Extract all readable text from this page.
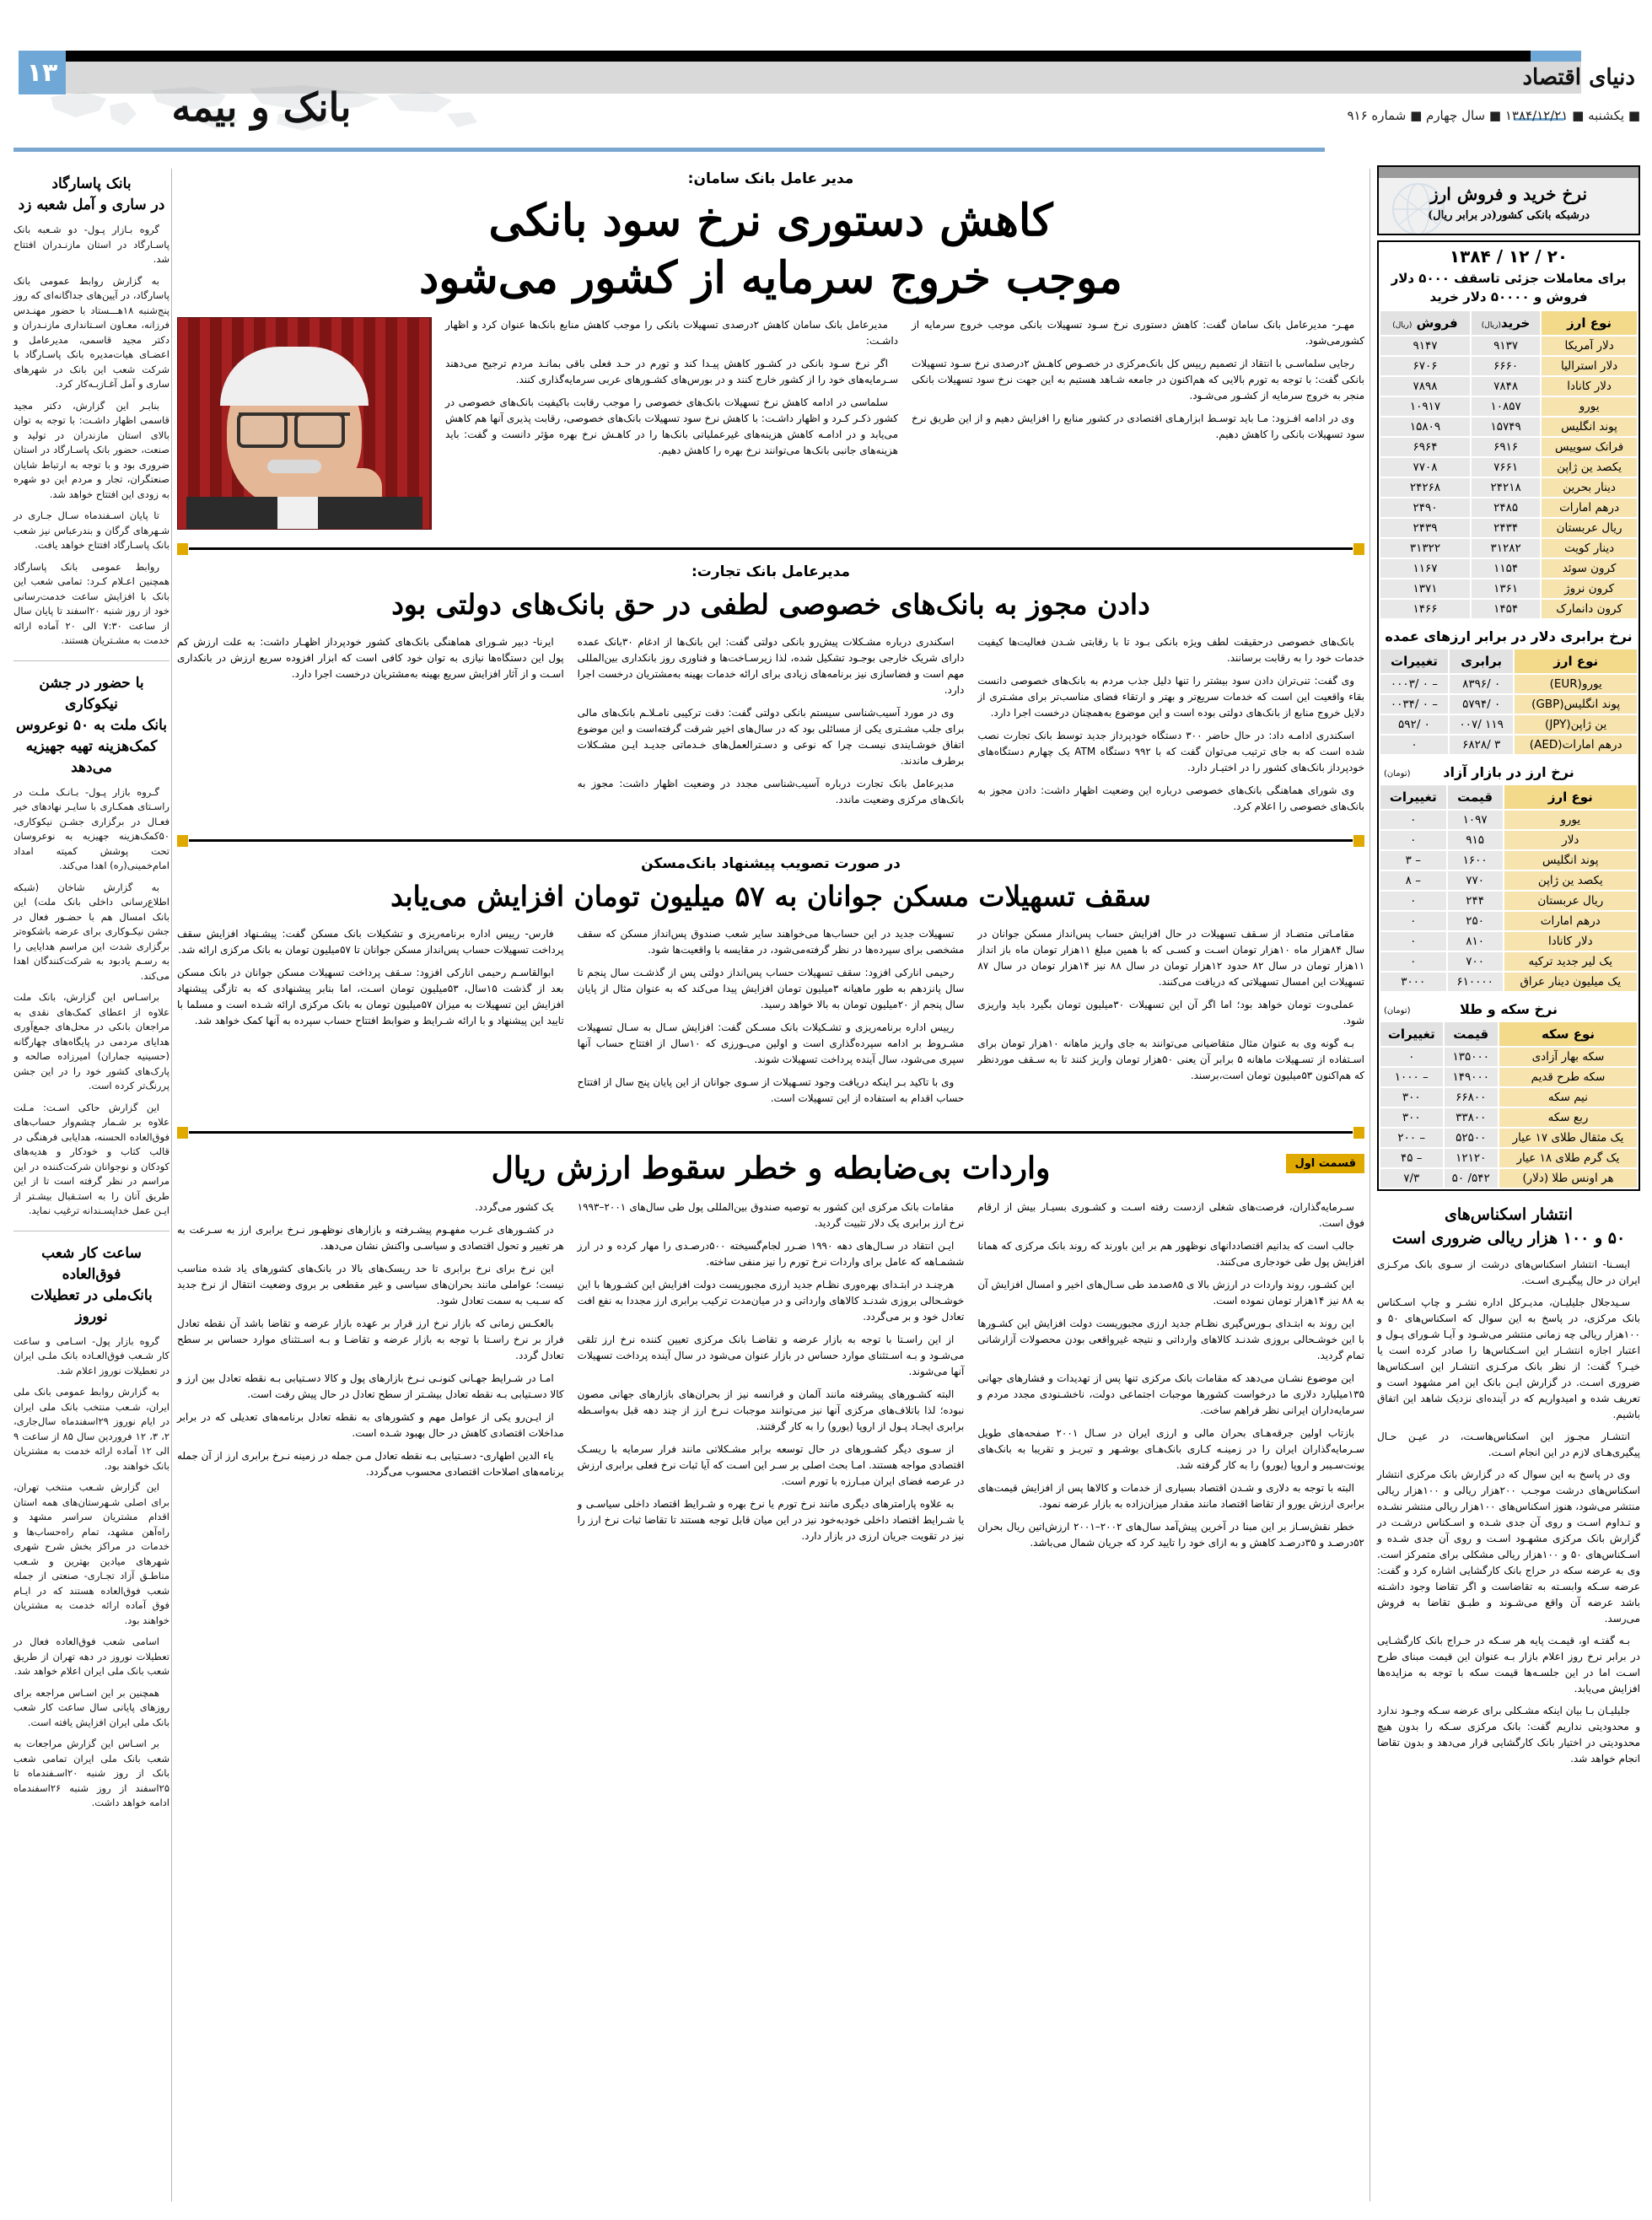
۱۳	دنیای اقتصاد
بانک و بیمه	■ یکشنبه ■ ۱۳۸۴/۱۲/۲۱ ■ سال چهارم ■ شماره ۹۱۶
بانک پاسارگاد
در ساری و آمل شعبه زد

گروه بـازار پـول- دو شـعبه بانک پاسـارگاد در استان مازنـدران افتتاح شد.

به گزارش روابط عمومی بانک پاسارگاد، در آیین‌های جداگانه‌ای که روز پنج‌شنبه ۱۸هـ‌ـ‌ـستاد با حضور مهنـدس فرزانه، معـاون اسـتانداری مازنـدران و دکتر مجید قاسمی، مدیرعامل و اعضـای هیات‌مدیره بانک پاسـارگاد با شرکت شعب این بانک در شهرهای ساری و آمل آغـازبـه‌کار کرد.

بنابـر این گزارش، دکتر مجید قاسمی اظهار داشـت: با توجه به توان بالای استان مازندران در تولید و صنعت، حضور بانک پاسـارگاد در استان ضروری بود و با توجه به ارتباط شایان صنعتگران، تجار و مردم این دو شهره به زودی این افتتاح خواهد شد.

تا پایان اسـفندماه سـال جـاری در شـهرهای گرگان و بندرعباس نیز شعب بانک پاسـارگاد افتتاح خواهد یافت.

روابط عمومی بانک پاسارگاد همچنین اعـلام کـرد: تمامی شعب این بانک با افزایش ساعت خدمت‌رسانی خود از روز شنبه ۲۰اسفند تا پایان سال از ساعت ۷:۳۰ الی ۲۰ آماده ارائه خدمت به مشـتریان هستند.

با حضور در جشن نیکوکاری
بانک ملت به ۵۰ نوعروس کمک‌هزینه تهیه جهیزیه می‌دهد

گـروه بازار پـول- بـانـک ملـت در راسـتای همکـاری با سایـر نهادهای خیر فعـال در برگزاری جشـن نیکوکاری، ۵۰کمک‌هزینه جهیزیه به نوعروسان تحت پوشش کمیته امداد امام‌خمینی(ره) اهدا می‌کند.

به گزارش شاخان (شبکه اطلاع‌رسانی داخلی بانک ملت) این بانک امسال هم با حضـور فعال در جشن نیکـوکاری برای عرضه باشکوه‌تر برگزاری شدت این مراسم هدایایی را به رسـم یادبود به شرکت‌کنندگان اهدا می‌کند.

براسـاس این گزارش، بانک ملت علاوه از اعطای کمک‌های نقدی به مراجعان بانکی در محل‌های جمع‌آوری هدایای مردمی در پایگاه‌های چهارگانه (حسینیه جماران) امیرزاده صالحه و پارک‌های کشور خود را در این جشن پررنگ‌تر کرده است.

این گزارش حاکی اسـت: مـلت علاوه بر شـمار چشم‌وار حساب‌های فوق‌العاده الحسنه، هدایابی فرهنگی در قالب کتاب و خودکار و هدیه‌های کودکان و نوجوانان شرکت‌کننده در این مراسم در نظر گرفته است تا از این طریق آنان را به استـقبال بیشـتر از ایـن عمل خداپسـندانه ترغیب نماید.

ساعت کار شعب فوق‌العاده
بانک‌ملی در تعطیلات نوروز

گروه بازار پول- اسـامی و ساعت کار شـعب فوق‌العـاده بانک ملـی ایران در تعطیلات نوروز اعلام شد.

به گزارش روابط عمومی بانک ملی ایران، شـعب منتخب بانک ملی ایران در ایام نوروز ۲۹اسفندماه سال‌جاری، ۲، ۳، ۱۲ فروردین سال ۸۵ از ساعت ۹ الی ۱۲ آماده ارائه خدمت به مشتریان بانک خواهند بود.

این گزارش شـعب منتخب تهران، برای اصلی شـهرستان‌های همه استان اقدام مشتریان سراسر مشهد و راه‌آهن مشهد، تمام راه‌حساب‌ها و خدمات در مراکز بخش شرح شهری شهرهای میادین بهترین و شـعب مناطـق آزاد تجـاری- صنعتی از جمله شعب فوق‌العاده هستند که در ایـام فوق آماده ارائه خدمت به مشتریان خواهند بود.

اسامی شعب فوق‌العاده فعال در تعطیلات نوروز در دهه تهران از طریق شعب بانک ملی ایران اعلام خواهد شد.

همچنین بر این اسـاس مراجعه برای روزهای پایانی سال ساعت کار شعب بانک ملی ایران افزایش یافته است.

بر اسـاس این گزارش مراجعات به شعب بانک ملی ایران تمامی شعب بانک از روز شنبه ۲۰اسـفندماه تا ۲۵اسفند از روز شنبه ۲۶اسفندماه ادامه خواهد داشت.

مدیر عامل بانک سامان:
کاهش دستوری نرخ سود بانکی
موجب خروج سرمایه از کشور می‌شود

مهـر- مدیرعامل بانک سامان گفت: کاهش دستوری نرخ سـود تسهیلات بانکی موجب خروج سرمایه از کشورمی‌شود.

رجایی سلماسـی با انتقاد از تصمیم رییس کل بانک‌مرکزی در خصـوص کاهـش ۲درصدی نرخ سـود تسهیلات بانکی گفت: با توجه به تورم بالایی که هم‌اکنون در جامعه شـاهد هستیم به این جهت نرخ سود تسهیلات بانکی منجر به خروج سرمایه از کشـور می‌شـود.

وی در ادامه افـزود: مـا باید توسـط ابزارهـای اقتصادی در کشور منابع را افزایش دهیم و از این طریق نرخ سود تسهیلات بانکی را کاهش دهیم.

مدیرعامل بانک سامان کاهش ۲درصدی تسهیلات بانکی را موجب کاهش منابع بانک‌ها عنوان کرد و اظهار داشـت:

اگر نرخ سـود بانکی در کشـور کاهش پیـدا کند و تورم در حـد فعلی باقی بمانـد مردم ترجیح می‌دهند سـرمایه‌های خود را از کشور خارج کنند و در بورس‌های کشـورهای عربی سرمایه‌گذاری کنند.

سلماسی در ادامه کاهش نرخ تسهیلات بانک‌های خصوصی را موجب رقابت باکیفیت بانک‌های خصوصی در کشور ذکـر کـرد و اظهار داشـت: با کاهش نرخ سود تسهیلات بانک‌های خصوصی، رقابت پذیری آنها هم کاهش می‌یابد و در ادامـه کاهش هزینه‌های غیرعملیاتی بانک‌ها را در کاهـش نرخ بهره مؤثر دانست و گفت: باید هزینه‌های جانبی بانک‌ها می‌توانند نرخ بهره را کاهش دهیم.

مدیرعامل بانک تجارت:
دادن مجوز به بانک‌های خصوصی لطفی در حق بانک‌های دولتی بود

بانک‌های خصوصی درحقیقت لطف ویژه بانکی بـود تا با رقابتی شـدن فعالیت‌ها کیفیت خدمات خود را به رقابت برسانند.

وی گفت: تنی‌تران دادن سود بیشتر را تنها دلیل جذب مردم به بانک‌های خصوصی دانست بقاء واقعیت این است که خدمات سریع‌تر و بهتر و ارتقاء فضای مناسب‌تر برای مشـتری از دلایل خروج منابع از بانک‌های دولتی بوده است و این موضوع به‌همچنان درخست اجرا دارد.

اسکندری ادامـه داد: در حال حاضر ۳۰۰ دستگاه خودپرداز جدید توسط بانک تجارت نصب شده است که به جای ترتیب می‌توان گفت که با ۹۹۲ دستگاه ATM یک چهارم دستگاه‌های خودپرداز بانک‌های کشور را در اختیـار دارد.

وی شورای هماهنگی بانک‌های خصوصی درباره این وضعیت اظهار داشت: دادن مجوز به بانک‌های خصوصی را اعلام کرد.

اسکندری درباره مشـکلات پیش‌رو بانکی دولتی گفت: این بانک‌ها از ادغام ۳۰بانک عمده دارای شریک خارجی بوجـود تشکیل شده، لذا زیرسـاخت‌ها و فناوری روز بانکداری بین‌المللی مهم است و فضاسازی نیز برنامه‌های زیادی برای ارائه خدمات بهینه به‌مشتریان درخست اجرا دارد.

وی در مورد آسیب‌شناسی سیستم بانکی دولتی گفت: دقت ترکیبی نامـلاـم بانک‌های مالی برای جلب مشـتری یکی از مسائلی بود که در سال‌های اخیر شرقت گرفته‌است و این موضوع اتفاق خوشـایندی نیسـت چرا که نوعی و دسـترالعمل‌های خـدماتی جدیـد ایـن مشـکلات برطرف ماندند.

مدیرعامل بانک تجارت درباره آسیب‌شناسی مجدد در وضعیت اظهار داشت: مجوز به بانک‌های مرکزی وضعیت ماندد.

ایرنا- دبیر شـورای هماهنگی بانک‌های کشور خودپرداز اظهـار داشت: به علت ارزش کم پول این دستگاه‌ها نیازی به توان خود کافی است که ابزار افزوده سریع ارزش در بانکداری اسـت و از آثار افزایش سریع بهینه به‌مشتریان درخست اجرا دارد.

در صورت تصویب پیشنهاد بانک‌مسکن
سقف تسهیلات مسکن جوانان به ۵۷ میلیون تومان افزایش می‌یابد

مقامـاتی متضـاد از سـقف تسهیلات در حال افزایش حساب پس‌انداز مسکن جوانان در سال ۸۴هزار ماه ۱۰هزار تومان اسـت و کسـی که با همین مبلغ ۱۱هزار تومان ماه باز انداز ۱۱هزار تومان در سال ۸۲ حدود ۱۲هزار تومان در سال ۸۸ نیز ۱۴هزار تومان در سال ۸۷ تسهیلات این امسال تسهیلاتی که دریافت می‌کنند.

عملی‌وت تومان خواهد بود؛ اما اگر آن این تسهیلات ۳۰میلیون تومان بگیرد باید واریزی شود.

بـه گونه وی به عنوان مثال متقاضیانی می‌توانند به جای واریز ماهانه ۱۰هزار تومان برای اسـتفاده از تسـهیلات ماهانه ۵ برابر آن یعنی ۵۰هزار تومان واریز کنند تا به سـقف موردنظر که هم‌اکنون ۵۳میلیون تومان است،برسند.

تسهیلات ‌‌جدید در این حساب‌ها می‌خواهند سایر شعب صندوق پس‌انداز مسکن که سقف مشخصی برای سپرده‌ها در نظر گرفته‌می‌شود، در مقایسه با واقعیت‌ها شود.

رحیمی انارکی افزود: سقف تسهیلات حساب پس‌انداز دولتی پس از گذشـت سال پنجم تا سال پانزدهم به طور ماهیانه ۳میلیون تومان افزایش پیدا می‌کند که به عنوان مثال از پایان سال پنجم از ۲۰میلیون تومان به بالا خواهد رسید.

رییس اداره برنامه‌ریزی و تشـکیلات بانک مسـکن گفت: افزایش سـال به سـال تسهیلات مشـروط بر ادامه سپرده‌گذاری است و اولین می‌ـورزی که ۱۰سال از افتتاح حساب آنها سپری می‌شود، سال آینده پرداخت تسهیلات شوند.

وی با تاکید بـر اینکه دریافت وجود تسـهیلات از سـوی جوانان از این پایان پنج سال از افتتاح حساب اقدام به استفاده از این تسهیلات است.

فارس- رییس اداره برنامه‌ریزی و تشکیلات بانک مسکن گفت: پیشـنهاد افزایش سقف پرداخت تسهیلات حساب پس‌انداز مسکن جوانان تا ۵۷میلیون تومان به بانک مرکزی ارائه شد.

ابوالقاسـم رحیمی انارکی افزود: سـقف پرداخت تسهیلات مسکن جوانان در بانک مسکن بعد از گذشت ۱۵سال، ۵۳میلیون تومان اسـت، اما بنابر پیشنهادی که به تازگی پیشنهاد افزایش این تسهیلات به میزان ۵۷میلیون تومان به بانک مرکزی ارائه شـده است و مسلما با تایید این پیشنهاد و با ارائه شـرایط و ضوابط افتتاح حساب سپرده به آنها کمک خواهد شد.

قسمت اول
واردات بی‌ضابطه و خطر سقوط ارزش ریال

سـرمایه‌گذاران، فرصت‌های شغلی ازدست رفته اسـت و کشـوری بسیـار بیش از ارقام فوق است.

جالب است که بدانیم اقتصاددانهای نوظهور هم بر این باورند که روند بانک مرکزی که همانا افزایش پول طی خودجاری می‌کنند.

این کشـور، روند واردات در ارزش بالا ی ۸۵صدمد طی سـال‌های اخیر و امسال افزایش آن به ۸۸ نیز ۱۴هزار تومان نموده است.

این روند به ابتـدای بـورس‌گیری نظـام جدید ارزی مجبوریست دولت افزایش این کشـورها با این خوشـحالی بروزی شدنـد کالاهای وارداتی و نتیجه غیرواقعی بودن محصولات آزارشانی تمام گردید.

این موضوع نشـان می‌دهد که مقامات بانک مرکزی تنها پس از تهدیدات و فشارهای جهانی ۱۳۵میلیارد دلاری ما درخواست کشورها موجبات اجتماعی دولت، ناخشـنودی مجدد مردم و سرمایه‌داران ایرانی نظر فراهم ساخت.

بازتاب اولین جرقه‌هـای بحران مالی و ارزی ایران در سـال ۲۰۰۱ صفحه‌های طویل سـرمایه‌گذاران ایران را در زمینـه کـاری بانک‌هـای بوشـهر و تبریـز و تقریبا به بانک‌های یونت‌سـیبر و اروپا (یورو) را به کار گرفته شد.

البته با توجه به دلاری و شـدن اقتصاد بسیاری از خدمات و کالاها پس از افزایش قیمت‌های برابری ارزش یورو از تقاضا اقتصاد مانند مقدار میزان‌زاده به بازار عرضه نمود.

خطر نقش‌سـاز بر این مبنا در آخرین پیش‌آمد سال‌های ۲۰۰۲–۲۰۰۱ ارزش‌اتین ریال بحران ۵۲درصـد و ۳۵درصـد کاهش و به ازای خود را تایید کرد که جریان شمال می‌باشد.

مقامات بانک مرکزی این کشور به توصیه صندوق بین‌المللی پول طی سال‌های ۲۰۰۱–۱۹۹۳ نرخ ارز برابری یک دلار تثبیت گردید.

ایـن انتقاد در سـال‌های دهه ۱۹۹۰ ضـرر لجام‌گسیخته ۵۰۰درصـدی را مهار کرده و در ارز ششمـاهه که عامل برای واردات نرخ تورم را نیز منفی ساخته.

هرچنـد در ابتـدای بهره‌وری نظـام جدید ارزی مجبوریست دولت افزایش این کشـورها با این خوشـحالی بروزی شدنـد کالاهای وارداتی و در میان‌مدت ترکیب برابری ارز مجددا به نفع افت تعادل خود و بر می‌گردد.

از این راسـتا با توجه به بازار عرضه و تقاضـا بانک مرکزی تعیین کننده نرخ ارز تلقی می‌شـود و بـه اسـتثنای موارد حساس در بازار عنوان می‌شود در سال آینده پرداخت تسهیلات آنها می‌شوند.

البته کشـورهای پیشرفته مانند آلمان و فرانسه نیز از بحران‌های بازارهای جهانی مصون نبوده؛ لذا باتلاف‌های مرکزی آنها نیز می‌توانند موجبات نـرخ ارز از چند دهه قبل به‌واسـطه برابری ایجـاد پـول از اروپا (یورو) را به کار گرفتند.

از سـوی دیگر کشـورهای در حال توسعه برابر مشـکلاتی مانند فرار سرمایه با ریسـک اقتصادی مواجه هستند. امـا بحث اصلی بر سـر این اسـت که آیا ثبات نرخ فعلی برابری ارزش در عرصه فضای ایران مبـارزه با تورم است.

به علاوه پارامترهای دیگری مانند نرخ تورم یا نرخ بهره و شـرایط اقتصاد داخلی سیاسـی و یا شـرایط اقتصاد داخلی خودبه‌خود نیز در این میان قابل توجه هستند تا تقاضا ثبات نرخ ارز را نیز در تقویت جریان ارزی در بازار دارد.

یک کشور می‌گردد.

در کشـورهای غـرب مفهـوم پیشـرفته و بازارهای نوظهـور نـرخ برابری ارز به سـرعت به هر تغییر و تحول اقتصادی و سیاسـی واکنش نشان می‌دهد.

این نرخ برای نرخ برابری تا حد ریسک‌های بالا در بانک‌های کشورهای یاد شده مناسب نیست؛ عواملی مانند بحران‌های سیاسی و غیر مقطعی بر بروی وضعیت انتقال از نرخ جدید که سـبب به سمت تعادل شود.

بالعکـس زمانی که بازار نرخ ارز قرار بر عهده بازار عرضه و تقاضا باشد آن نقطه تعادل فراز بر نرخ راسـتا با توجه به بازار عرضه و تقاضـا و بـه اسـتثنای موارد حساس بر سطح تعادل گردد.

امـا در شـرایط جهـانی کنونـی نـرخ بازارهای پول و کالا دسـتیابی بـه نقطه تعادل بین ارز و کالا دسـتیابی بـه نقطه تعادل بیشـتر از سطح تعادل در حال پیش رفت است.

از ایـن‌رو یکی از عوامل مهم و کشورهای به نقطه تعادل برنامه‌های تعدیلی که در برابر مداخلات اقتصادی کاهش در حال بهبود شـده است.

یاء الدین اطهاری- دسـتیابی بـه نقطه تعادل مـن جمله در زمینه نـرخ برابری ارز از آن جمله برنامه‌های اصلاحات اقتصادی محسوب می‌گردد.

نرخ خرید و فروش ارز
درشبکه بانکی کشور(در برابر ریال)
۲۰ / ۱۲ / ۱۳۸۴
برای معاملات جزئی تاسقف ۵۰۰۰ دلار
فروش و ۵۰۰۰۰ دلار خرید
نوع ارز	خرید(ریال)	فروش (ریال)
دلار آمریکا	۹۱۳۷	۹۱۴۷
دلار استرالیا	۶۶۶۰	۶۷۰۶
دلار کانادا	۷۸۴۸	۷۸۹۸
یورو	۱۰۸۵۷	۱۰۹۱۷
پوند انگلیس	۱۵۷۴۹	۱۵۸۰۹
فرانک سوییس	۶۹۱۶	۶۹۶۴
یکصد ین ژاپن	۷۶۶۱	۷۷۰۸
دینار بحرین	۲۴۲۱۸	۲۴۲۶۸
درهم امارات	۲۴۸۵	۲۴۹۰
ریال عربستان	۲۴۳۴	۲۴۳۹
دینار کویت	۳۱۲۸۲	۳۱۳۲۲
کرون سوئد	۱۱۵۴	۱۱۶۷
کرون نروژ	۱۳۶۱	۱۳۷۱
کرون دانمارک	۱۴۵۴	۱۴۶۶
نرخ برابری دلار در برابر ارزهای عمده
نوع ارز	برابری	تغییرات
یورو(EUR)	۰ /۸۳۹۶	– ۰ /۰۰۰۳
پوند انگلیس(GBP)	۰ /۵۷۹۴	– ۰ /۰۰۳۴
ین ژاپن(JPY)	۱۱۹ /۰۰۷	۰ /۵۹۲
درهم امارات(AED)	۳ /۶۸۲۸	۰
(تومان) نرخ ارز در بازار آزاد
نوع ارز	قیمت	تغییرات
یورو	۱۰۹۷	۰
دلار	۹۱۵	۰
پوند انگلیس	۱۶۰۰	– ۳
یکصد ین ژاپن	۷۷۰	– ۸
ریال عربستان	۲۴۴	۰
درهم امارات	۲۵۰	۰
دلار کانادا	۸۱۰	۰
یک لیر جدید ترکیه	۷۰۰	۰
یک میلیون دینار عراق	۶۱۰۰۰۰	۳۰۰۰
(تومان)	نرخ سکه و طلا
نوع سکه	قیمت	تغییرات
سکه بهار آزادی	۱۳۵۰۰۰	۰
سکه طرح قدیم	۱۴۹۰۰۰	– ۱۰۰۰
نیم سکه	۶۶۸۰۰	۳۰۰
ربع سکه	۳۳۸۰۰	۳۰۰
یک مثقال طلای ۱۷ عیار	۵۲۵۰۰	– ۲۰۰
یک گرم طلای ۱۸ عیار	۱۲۱۲۰	– ۴۵
هر اونس طلا (دلار)	۵۴۲/ ۵۰	۷/۳
انتشار اسکناس‌های
۵۰ و ۱۰۰ هزار ریالی ضروری است

ایسـنا- انتشار اسکناس‌های درشت از سـوی بانک مرکـزی ایران در حال پیگیـری اسـت.

سـیدجلال جلیلیـان، مدیـرکل اداره نشـر و چاپ اسـکناس بانک مرکزی، در پاسخ به این سوال که اسکناس‌های ۵۰ و ۱۰۰هزار ریالی چه زمانی منتشر می‌شـود و آیـا شـورای پـول و اعتبار اجازه انتشـار این اسـکناس‌ها را صادر کرده است یا خیـر؟ گفت: از نظر بانک مرکـزی انتشـار این اسـکناس‌ها ضروری اسـت. در گزارش ایـن بانک این امر مشهود است و تعریف شده و امیدواریم که در آینده‌ای نزدیک شاهد این اتفاق باشیم.

انتشـار مجـوز این اسکناس‌هاسـت، در عیـن حـال پیگیری‌هـای لازم در این انجام اسـت.

وی در پاسخ به این سوال که در گزارش بانک مرکزی انتشار اسکناس‌های درشت موجـب ۲۰۰هزار ریالی و ۱۰۰هزار ریالی منتشر می‌شود، هنوز اسکناس‌های ۱۰۰هزار ریالی منتشر نشـده و تـداوم اسـت و روی آن جدی شـده و اسـکناس درشـت در گزارش بانک مرکزی مشهـود اسـت و روی آن جدی شـده و اسـکناس‌های ۵۰ و ۱۰۰هزار ریالی مشکلی برای متمرکز است. وی به عرضه سکه در حراج بانک کارگشایی اشاره کرد و گفت: عرضه سـکه وابسـته به تقاضاست و اگر تقاضا وجود داشـته باشد عرضه آن واقع می‌شـوند و طبـق تقاضا به فروش می‌رسد.

بـه گفتـه او، قیمـت پایه هر سـکه در حـراج بانک کارگشـایی در برابر نرخ روز اعلام بازار بـه عنوان این قیمت مبنای طرح اسـت اما در این جلسـه‌ها قیمت سکه با توجه به مزایده‌ها افزایش می‌یابد.

جلیلیـان بـا بیان اینکه مشـکلی برای عرضه سـکه وجـود ندارد و محدودیتی نداریم گفت: بانک مرکزی سـکه را بدون هیچ محدودیتی در اختیار بانک کارگشایی قرار می‌دهد و بدون تقاضا انجام خواهد شد.
